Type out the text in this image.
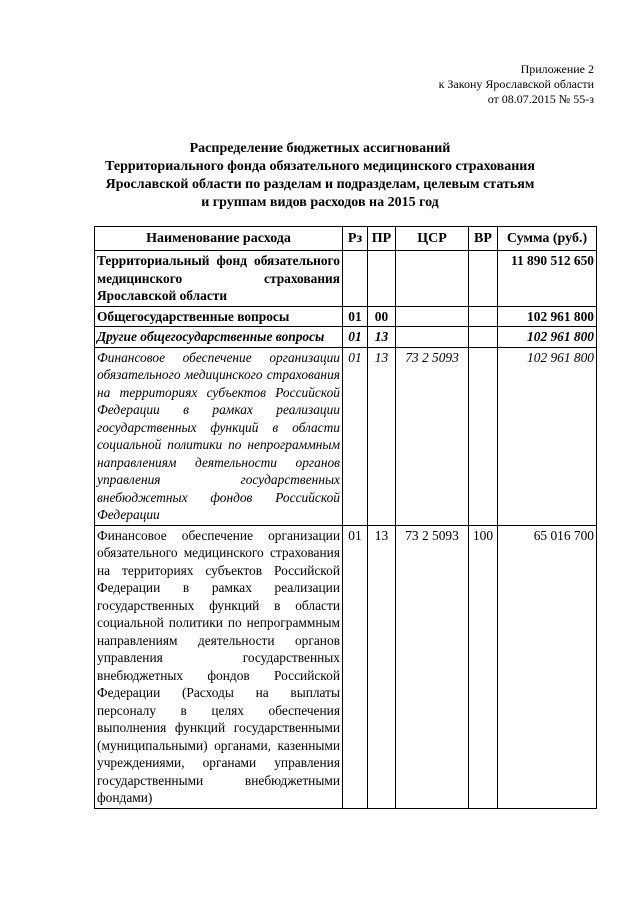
Приложение 2
к Закону Ярославской области
от 08.07.2015 № 55-з
Распределение бюджетных ассигнований
Территориального фонда обязательного медицинского страхования
Ярославской области по разделам и подразделам, целевым статьям
и группам видов расходов на 2015 год
Наименование расхода	Рз	ПР	ЦСР	ВР	Сумма (руб.)
Территориальный фонд обязательного медицинского страхования Ярославской области					11 890 512 650
Общегосударственные вопросы	01	00			102 961 800
Другие общегосударственные вопросы	01	13			102 961 800
Финансовое обеспечение организации обязательного медицинского страхования на территориях субъектов Российской Федерации в рамках реализации государственных функций в области социальной политики по непрограммным направлениям деятельности органов управления государственных внебюджетных фондов Российской Федерации	01	13	73 2 5093		102 961 800
Финансовое обеспечение организации обязательного медицинского страхования на территориях субъектов Российской Федерации в рамках реализации государственных функций в области социальной политики по непрограммным направлениям деятельности органов управления государственных внебюджетных фондов Российской Федерации (Расходы на выплаты персоналу в целях обеспечения выполнения функций государственными (муниципальными) органами, казенными учреждениями, органами управления государственными внебюджетными фондами)	01	13	73 2 5093	100	65 016 700
